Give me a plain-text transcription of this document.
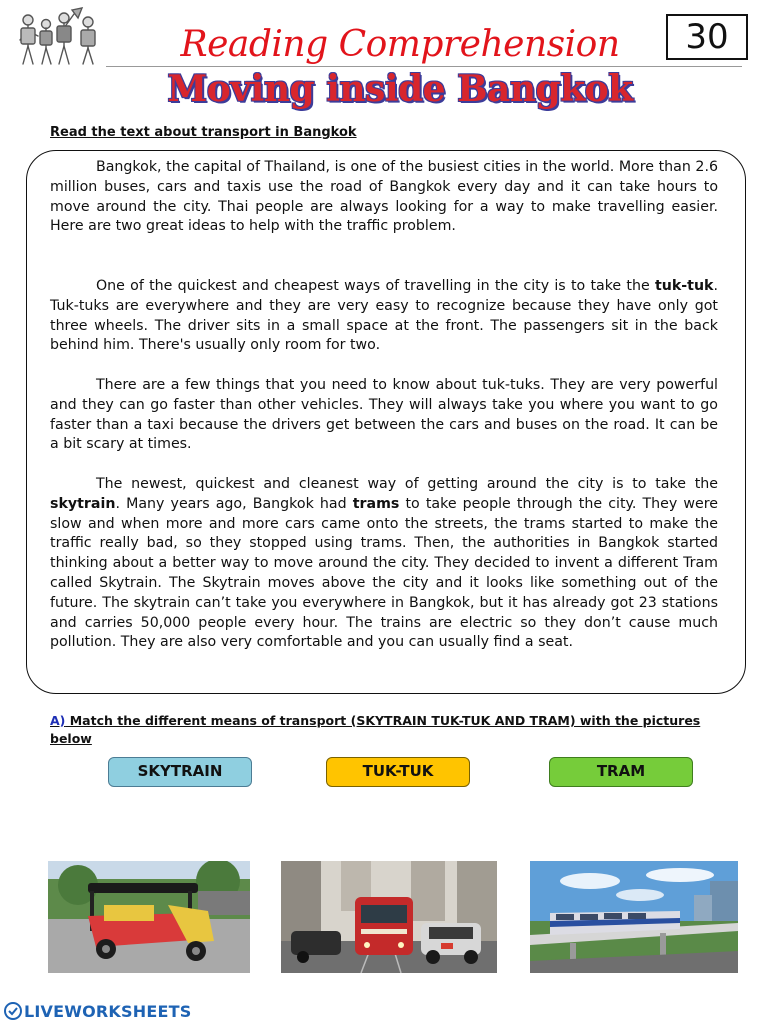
30
Reading Comprehension
Moving inside Bangkok
Read the text about transport in Bangkok

Bangkok, the capital of Thailand, is one of the busiest cities in the world. More than 2.6 million buses, cars and taxis use the road of Bangkok every day and it can take hours to move around the city. Thai people are always looking for a way to make travelling easier. Here are two great ideas to help with the traffic problem.

One of the quickest and cheapest ways of travelling in the city is to take the tuk-tuk. Tuk-tuks are everywhere and they are very easy to recognize because they have only got three wheels. The driver sits in a small space at the front. The passengers sit in the back behind him. There's usually only room for two.

There are a few things that you need to know about tuk-tuks. They are very powerful and they can go faster than other vehicles. They will always take you where you want to go faster than a taxi because the drivers get between the cars and buses on the road. It can be a bit scary at times.

The newest, quickest and cleanest way of getting around the city is to take the skytrain. Many years ago, Bangkok had trams to take people through the city. They were slow and when more and more cars came onto the streets, the trams started to make the traffic really bad, so they stopped using trams. Then, the authorities in Bangkok started thinking about a better way to move around the city. They decided to invent a different Tram called Skytrain. The Skytrain moves above the city and it looks like something out of the future. The skytrain can’t take you everywhere in Bangkok, but it has already got 23 stations and carries 50,000 people every hour. The trains are electric so they don’t cause much pollution. They are also very comfortable and you can usually find a seat.

A) Match the different means of transport (SKYTRAIN TUK-TUK AND TRAM) with the pictures below
SKYTRAIN	TUK-TUK	TRAM
LIVEWORKSHEETS
